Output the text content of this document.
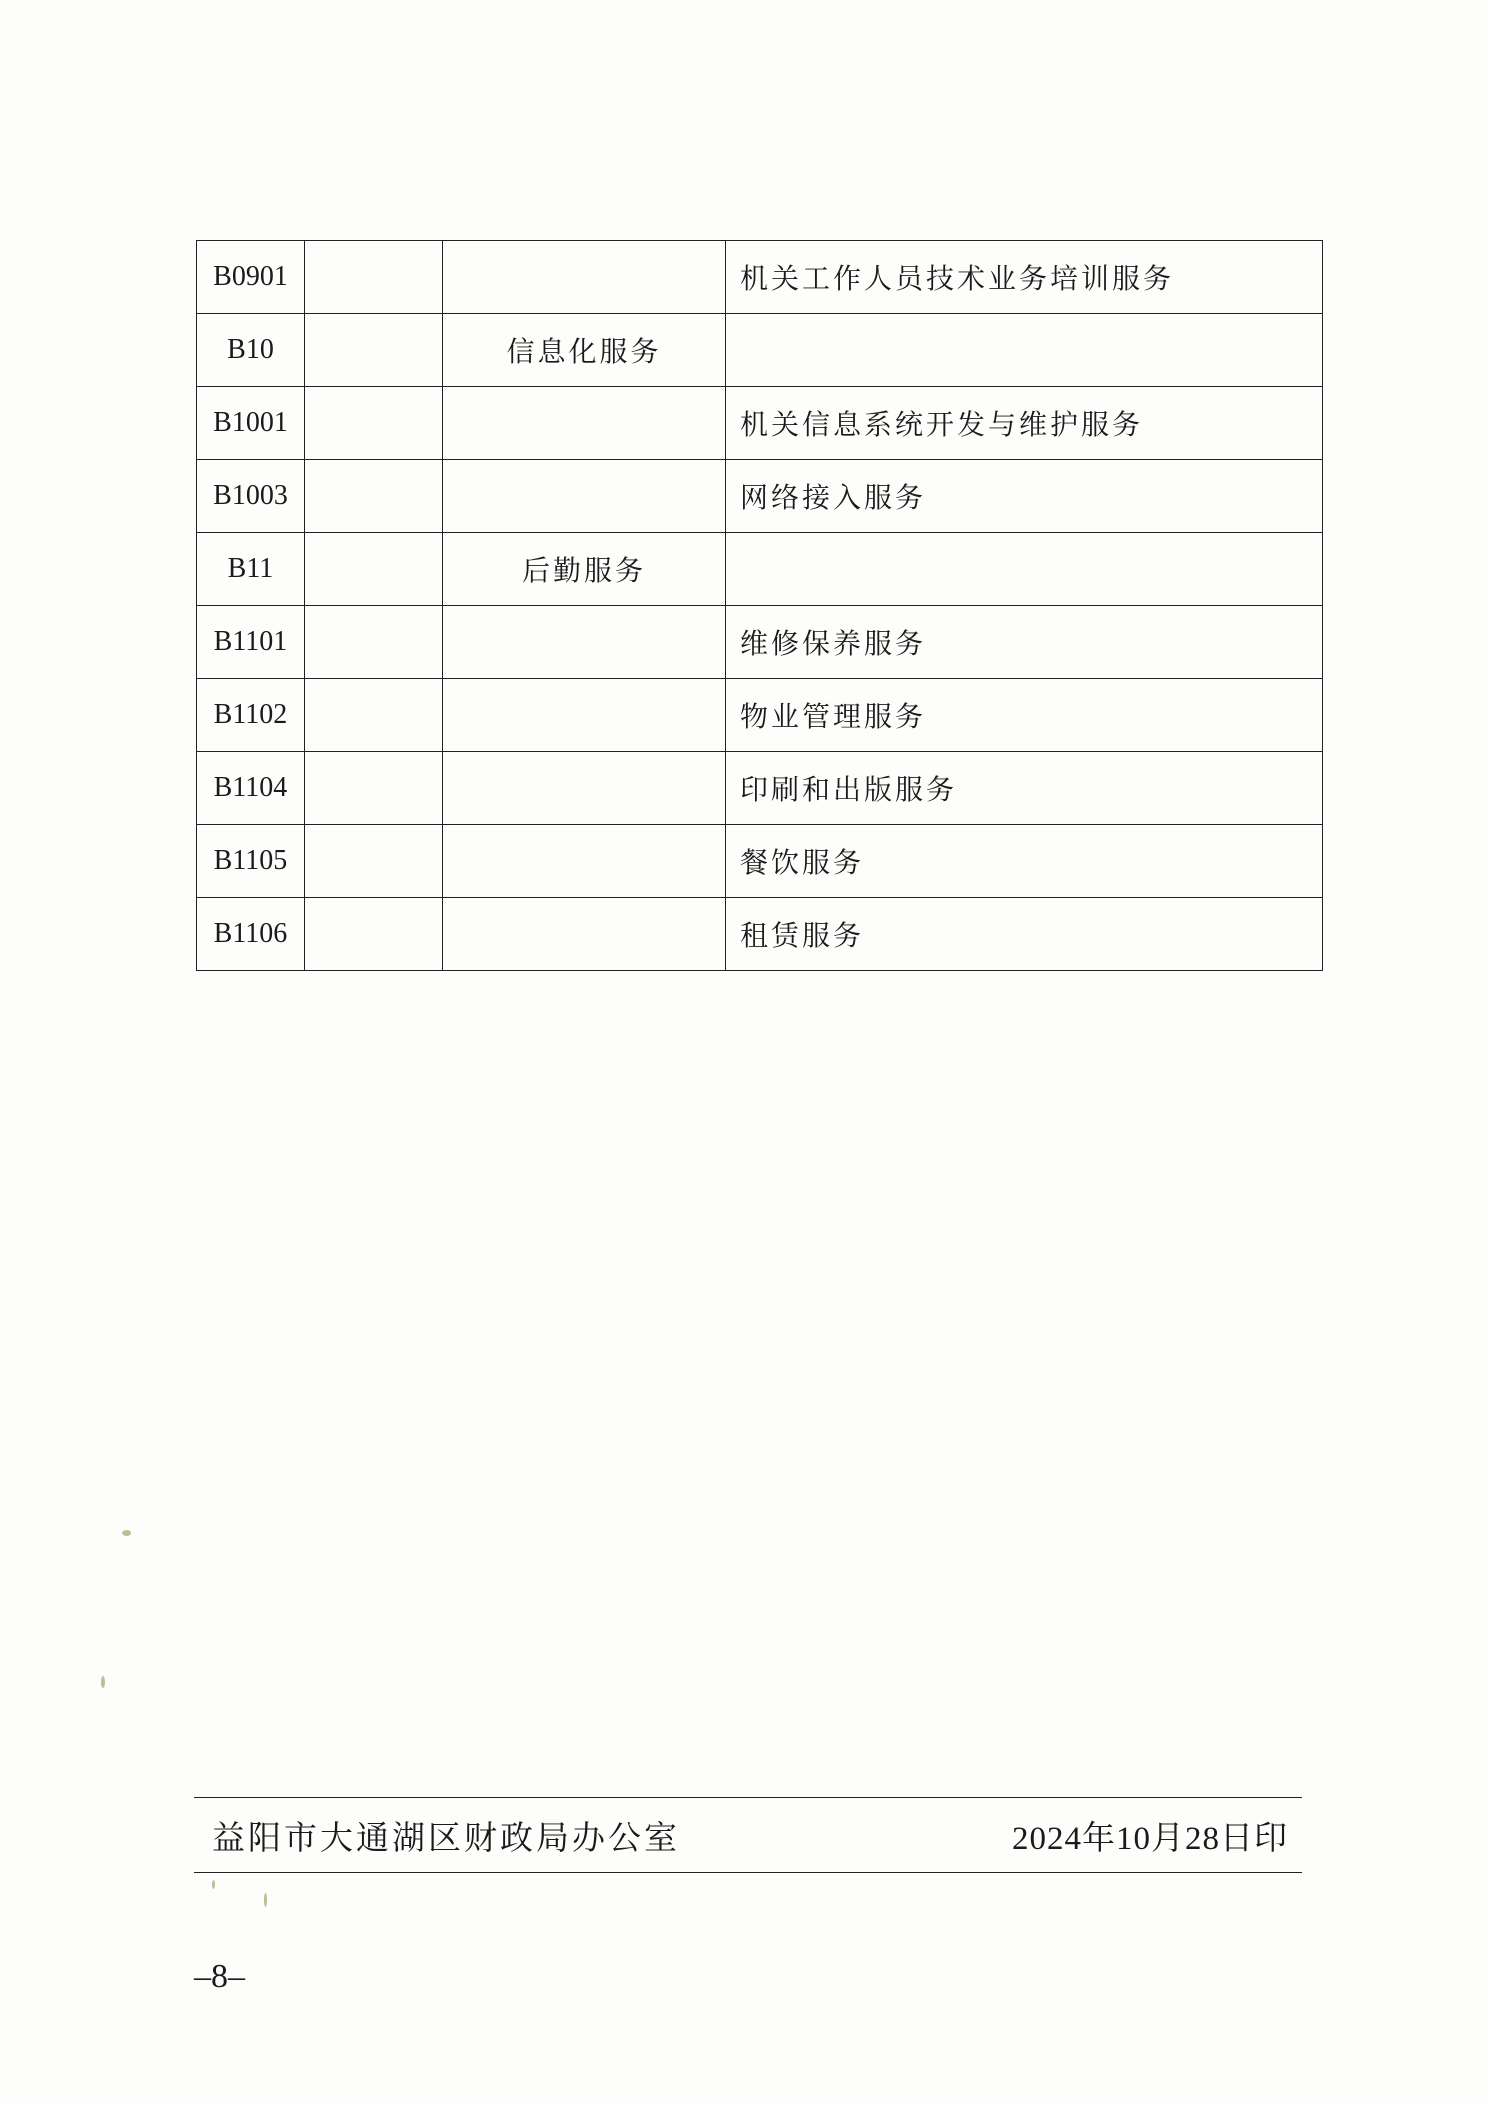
B0901			机关工作人员技术业务培训服务
B10		信息化服务	
B1001			机关信息系统开发与维护服务
B1003			网络接入服务
B11		后勤服务	
B1101			维修保养服务
B1102			物业管理服务
B1104			印刷和出版服务
B1105			餐饮服务
B1106			租赁服务
益阳市大通湖区财政局办公室	2024年10月28日印
–8–
